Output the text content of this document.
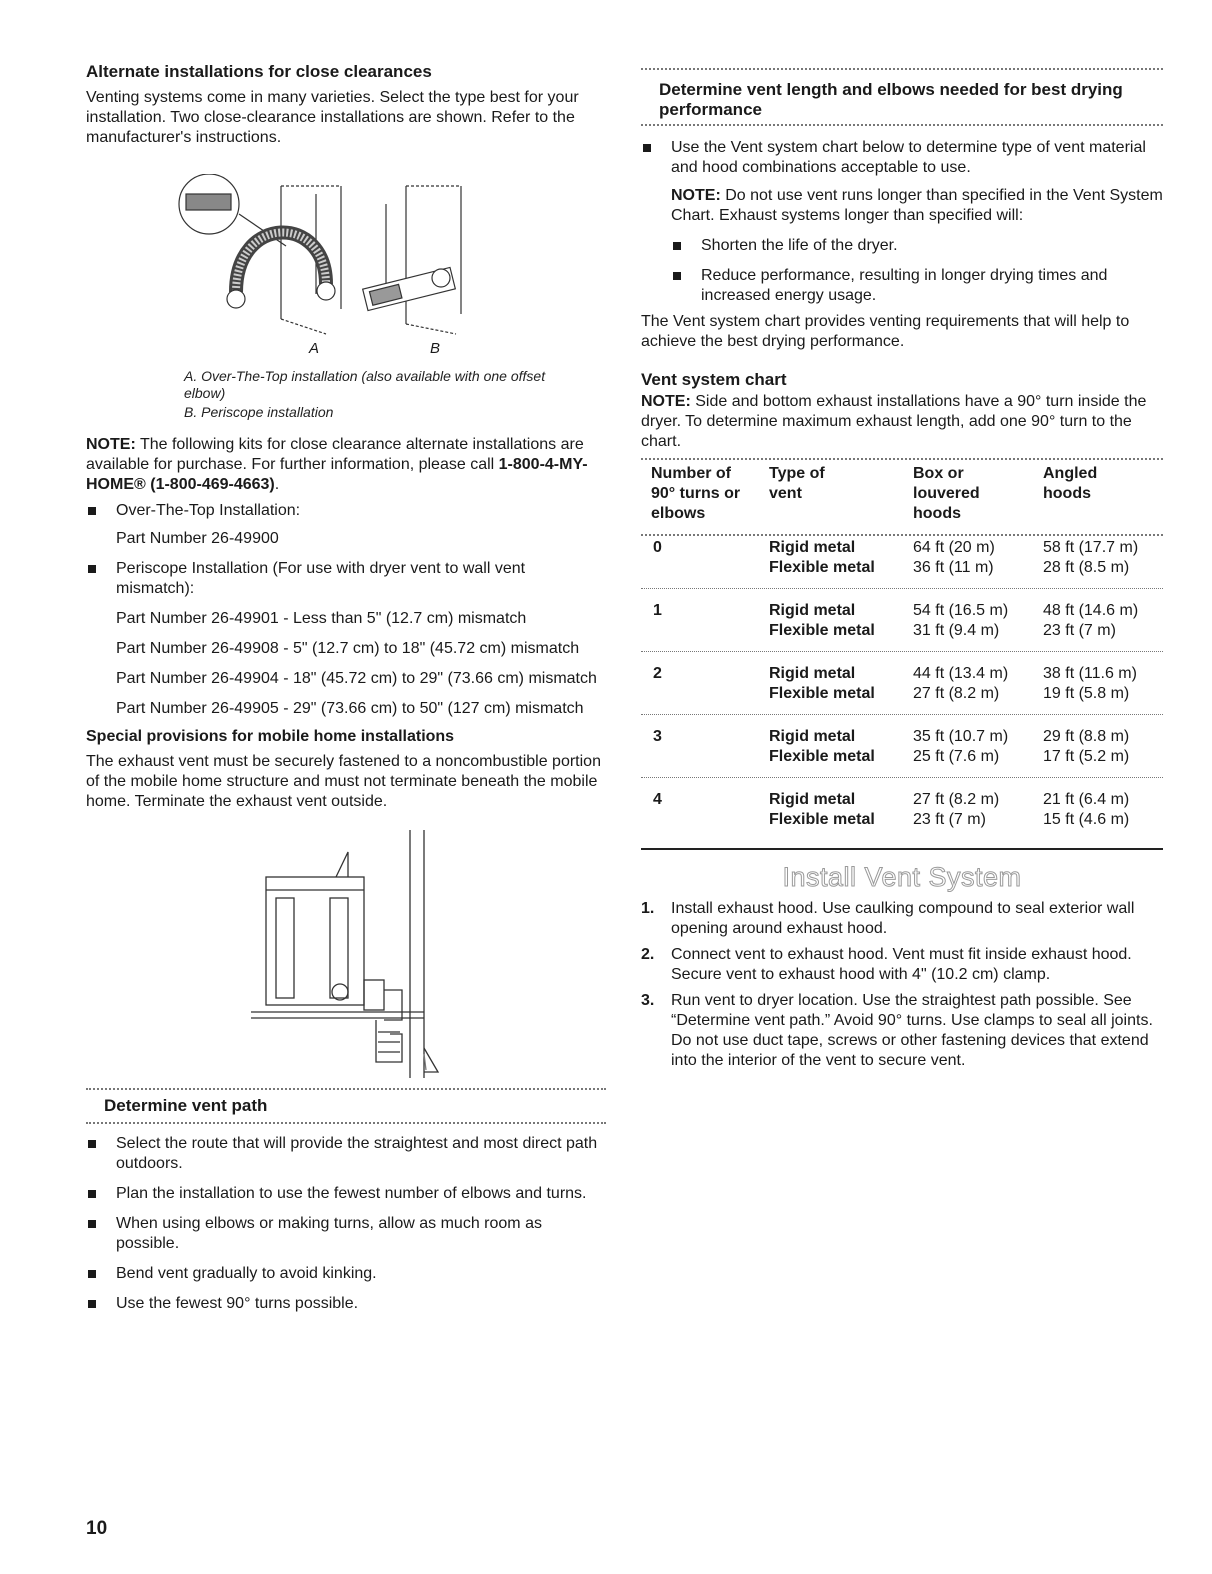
Alternate installations for close clearances

Venting systems come in many varieties. Select the type best for your installation. Two close-clearance installations are shown. Refer to the manufacturer's instructions.

A	B
A. Over-The-Top installation (also available with one offset elbow)
B. Periscope installation

NOTE: The following kits for close clearance alternate installations are available for purchase. For further information, please call 1-800-4-MY-HOME® (1-800-469-4663).

Over-The-Top Installation:
Part Number 26-49900
Periscope Installation (For use with dryer vent to wall vent mismatch):
Part Number 26-49901 - Less than 5" (12.7 cm) mismatch
Part Number 26-49908 - 5" (12.7 cm) to 18" (45.72 cm) mismatch
Part Number 26-49904 - 18" (45.72 cm) to 29" (73.66 cm) mismatch
Part Number 26-49905 - 29" (73.66 cm) to 50" (127 cm) mismatch
Special provisions for mobile home installations

The exhaust vent must be securely fastened to a noncombustible portion of the mobile home structure and must not terminate beneath the mobile home. Terminate the exhaust vent outside.

Determine vent path
Select the route that will provide the straightest and most direct path outdoors.
Plan the installation to use the fewest number of elbows and turns.
When using elbows or making turns, allow as much room as possible.
Bend vent gradually to avoid kinking.
Use the fewest 90° turns possible.
Determine vent length and elbows needed for best drying performance
Use the Vent system chart below to determine type of vent material and hood combinations acceptable to use.

NOTE: Do not use vent runs longer than specified in the Vent System Chart. Exhaust systems longer than specified will:

Shorten the life of the dryer.
Reduce performance, resulting in longer drying times and increased energy usage.

The Vent system chart provides venting requirements that will help to achieve the best drying performance.

Vent system chart

NOTE: Side and bottom exhaust installations have a 90° turn inside the dryer. To determine maximum exhaust length, add one 90° turn to the chart.

Number of 90° turns or elbows	Type of vent	Box or louvered hoods	Angled hoods

0	Rigid metal	64 ft (20 m)	58 ft (17.7 m)
Flexible metal 36 ft (11 m)	28 ft (8.5 m)
1	Rigid metal	54 ft (16.5 m) 48 ft (14.6 m)
Flexible metal 31 ft (9.4 m)	23 ft (7 m)
2	Rigid metal	44 ft (13.4 m) 38 ft (11.6 m)
Flexible metal 27 ft (8.2 m)	19 ft (5.8 m)
3	Rigid metal	35 ft (10.7 m) 29 ft (8.8 m)
Flexible metal 25 ft (7.6 m)	17 ft (5.2 m)
4	Rigid metal	27 ft (8.2 m)	21 ft (6.4 m)
Flexible metal 23 ft (7 m)	15 ft (4.6 m)
Install Vent System
1. Install exhaust hood. Use caulking compound to seal exterior wall opening around exhaust hood.
2. Connect vent to exhaust hood. Vent must fit inside exhaust hood. Secure vent to exhaust hood with 4" (10.2 cm) clamp.
3. Run vent to dryer location. Use the straightest path possible. See “Determine vent path.” Avoid 90° turns. Use clamps to seal all joints. Do not use duct tape, screws or other fastening devices that extend into the interior of the vent to secure vent.
10
